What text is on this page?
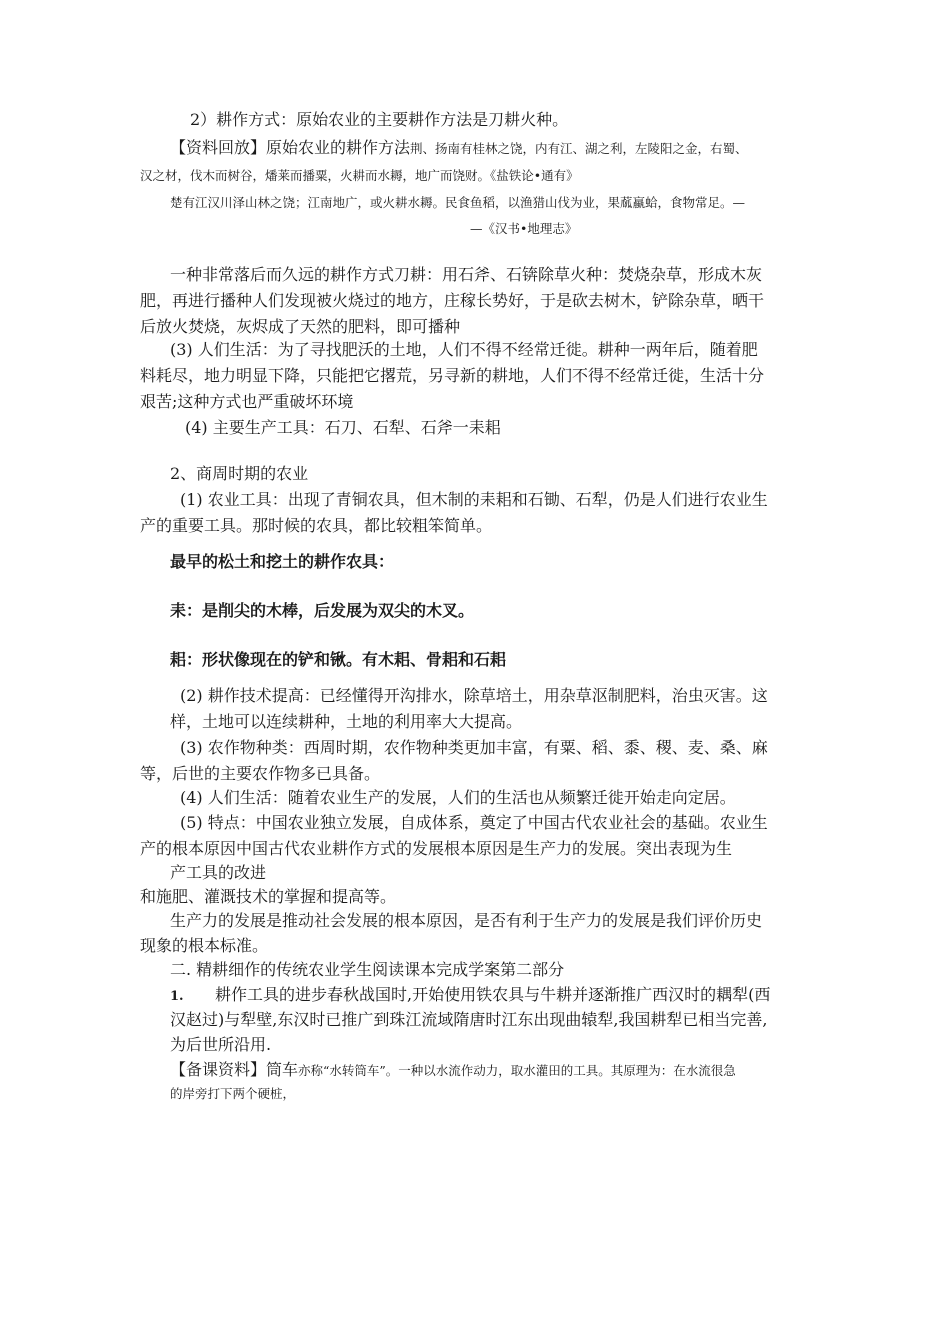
2）耕作方式：原始农业的主要耕作方法是刀耕火种。
【资料回放】原始农业的耕作方法荆、扬南有桂林之饶，内有江、湖之利，左陵阳之金，右蜀、
汉之材，伐木而树谷，燔莱而播粟，火耕而水耨，地广而饶财。《盐铁论•通有》
楚有江汉川泽山林之饶；江南地广，或火耕水耨。民食鱼稻，以渔猎山伐为业，果蓏蠃蛤，食物常足。—
—《汉书•地理志》
一种非常落后而久远的耕作方式刀耕：用石斧、石锛除草火种：焚烧杂草，形成木灰
肥，再进行播种人们发现被火烧过的地方，庄稼长势好，于是砍去树木，铲除杂草，晒干
后放火焚烧，灰烬成了天然的肥料，即可播种
(3) 人们生活：为了寻找肥沃的土地，人们不得不经常迁徙。耕种一两年后，随着肥
料耗尽，地力明显下降，只能把它撂荒，另寻新的耕地，人们不得不经常迁徙，生活十分
艰苦;这种方式也严重破坏环境
(4) 主要生产工具：石刀、石犁、石斧一耒耜
2、商周时期的农业
(1) 农业工具：出现了青铜农具，但木制的耒耜和石锄、石犁，仍是人们进行农业生
产的重要工具。那时候的农具，都比较粗笨简单。
最早的松土和挖土的耕作农具：
耒：是削尖的木棒，后发展为双尖的木叉。
耜：形状像现在的铲和锹。有木耜、骨耜和石耜
(2) 耕作技术提高：已经懂得开沟排水，除草培土，用杂草沤制肥料，治虫灭害。这
样，土地可以连续耕种，土地的利用率大大提高。
(3) 农作物种类：西周时期，农作物种类更加丰富，有粟、稻、黍、稷、麦、桑、麻
等，后世的主要农作物多已具备。
(4) 人们生活：随着农业生产的发展，人们的生活也从频繁迁徙开始走向定居。
(5) 特点：中国农业独立发展，自成体系，奠定了中国古代农业社会的基础。农业生
产的根本原因中国古代农业耕作方式的发展根本原因是生产力的发展。突出表现为生
产工具的改进
和施肥、灌溉技术的掌握和提高等。
生产力的发展是推动社会发展的根本原因，是否有利于生产力的发展是我们评价历史
现象的根本标准。
二. 精耕细作的传统农业学生阅读课本完成学案第二部分
1. 耕作工具的进步春秋战国时,开始使用铁农具与牛耕并逐渐推广西汉时的耦犁(西
汉赵过)与犁壁,东汉时已推广到珠江流域隋唐时江东出现曲辕犁,我国耕犁已相当完善,
为后世所沿用.
【备课资料】筒车亦称“水转筒车”。一种以水流作动力，取水灌田的工具。其原理为：在水流很急
的岸旁打下两个硬桩，
